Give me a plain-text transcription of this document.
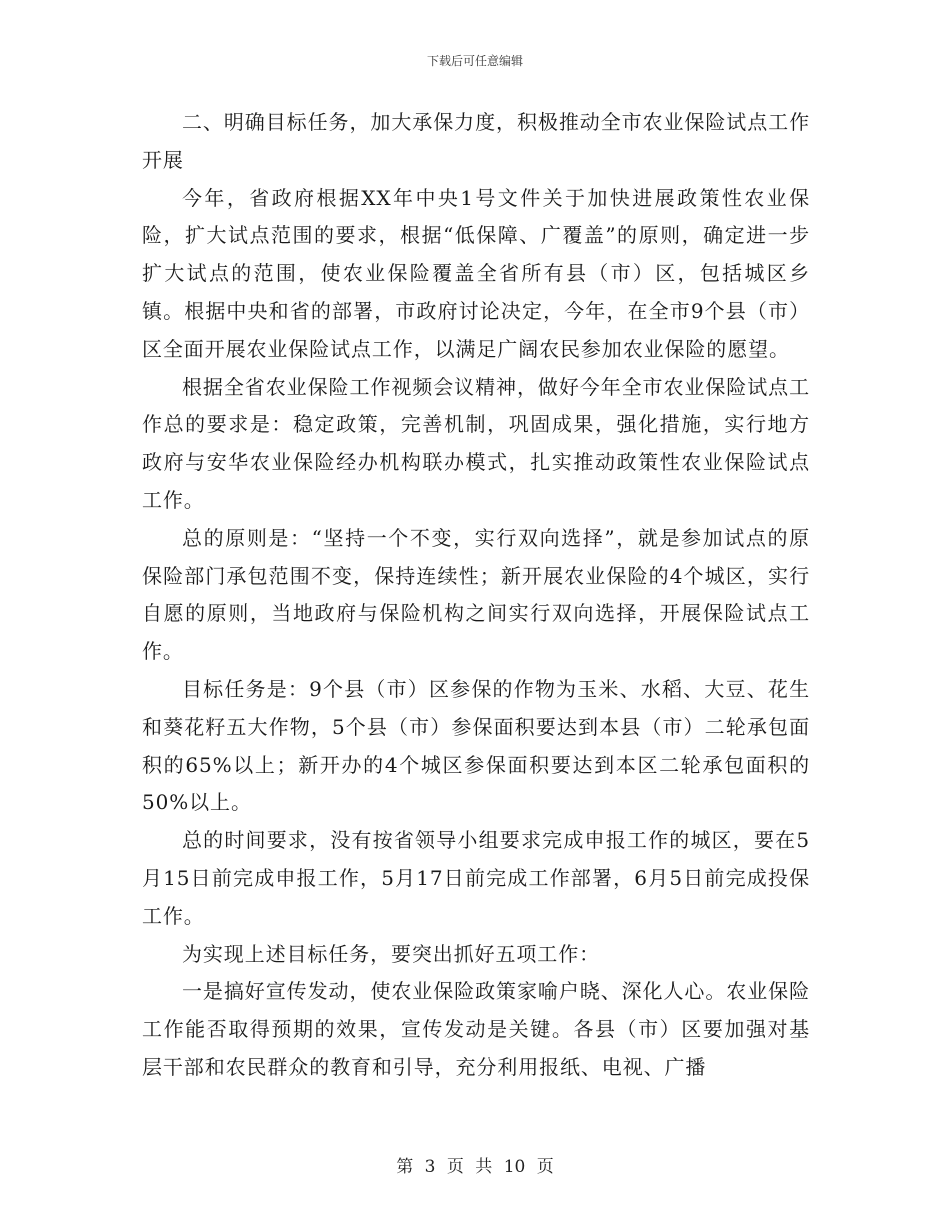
下载后可任意编辑

二、明确目标任务，加大承保力度，积极推动全市农业保险试点工作开展

今年，省政府根据XX年中央1号文件关于加快进展政策性农业保险，扩大试点范围的要求，根据“低保障、广覆盖”的原则，确定进一步扩大试点的范围，使农业保险覆盖全省所有县（市）区，包括城区乡镇。根据中央和省的部署，市政府讨论决定，今年，在全市9个县（市）区全面开展农业保险试点工作，以满足广阔农民参加农业保险的愿望。

根据全省农业保险工作视频会议精神，做好今年全市农业保险试点工作总的要求是：稳定政策，完善机制，巩固成果，强化措施，实行地方政府与安华农业保险经办机构联办模式，扎实推动政策性农业保险试点工作。

总的原则是：“坚持一个不变，实行双向选择”，就是参加试点的原保险部门承包范围不变，保持连续性；新开展农业保险的4个城区，实行自愿的原则，当地政府与保险机构之间实行双向选择，开展保险试点工作。

目标任务是：9个县（市）区参保的作物为玉米、水稻、大豆、花生和葵花籽五大作物，5个县（市）参保面积要达到本县（市）二轮承包面积的65%以上；新开办的4个城区参保面积要达到本区二轮承包面积的50%以上。

总的时间要求，没有按省领导小组要求完成申报工作的城区，要在5月15日前完成申报工作，5月17日前完成工作部署，6月5日前完成投保工作。

为实现上述目标任务，要突出抓好五项工作：

一是搞好宣传发动，使农业保险政策家喻户晓、深化人心。农业保险工作能否取得预期的效果，宣传发动是关键。各县（市）区要加强对基层干部和农民群众的教育和引导，充分利用报纸、电视、广播

第 3 页 共 10 页
